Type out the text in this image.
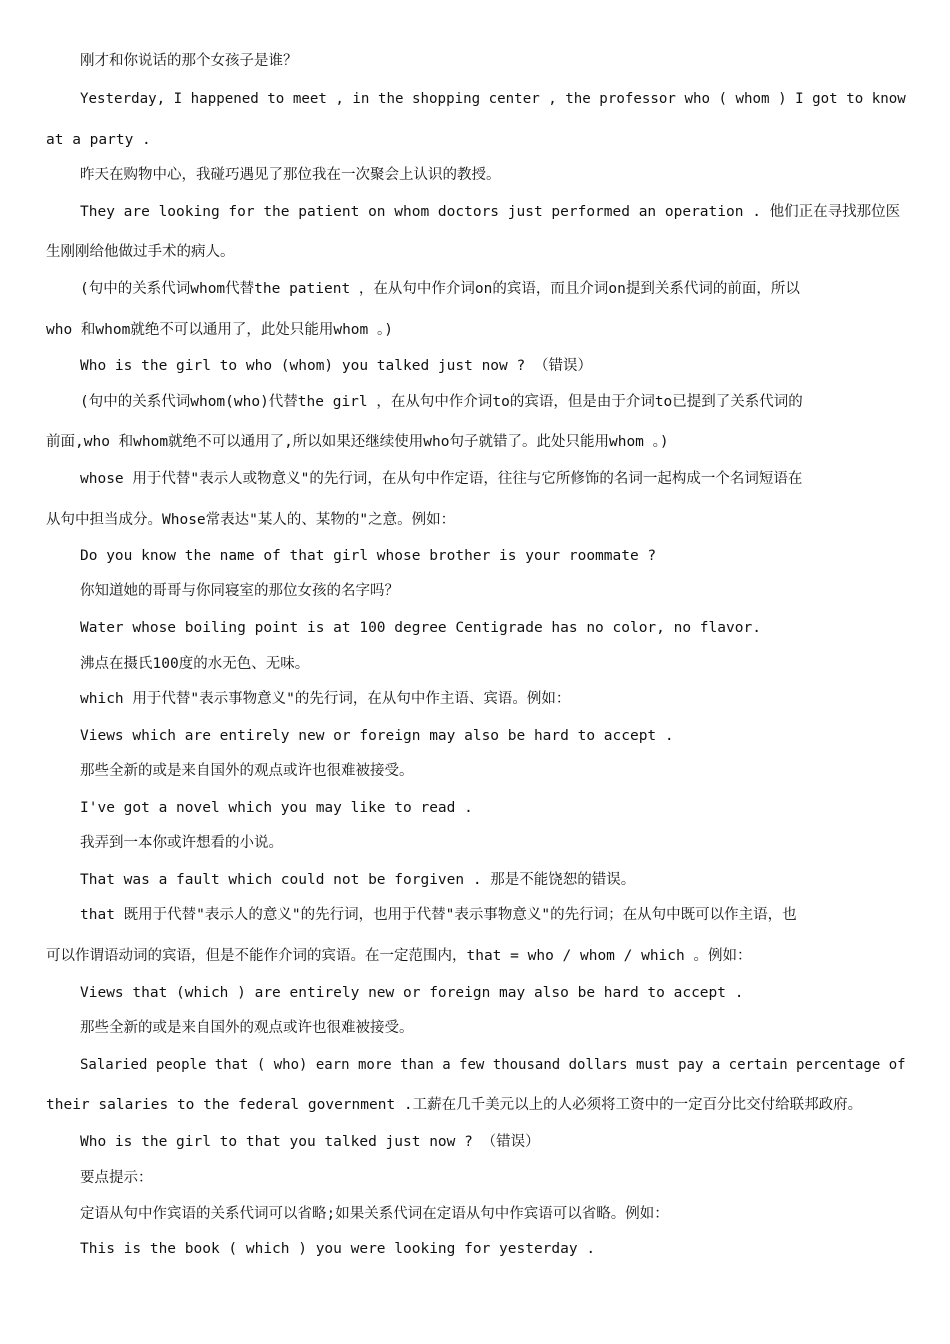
刚才和你说话的那个女孩子是谁？

Yesterday, I happened to meet , in the shopping center , the professor who ( whom ) I got to know

at a party .

昨天在购物中心，我碰巧遇见了那位我在一次聚会上认识的教授。

They are looking for the patient on whom doctors just performed an operation . 他们正在寻找那位医

生刚刚给他做过手术的病人。

(句中的关系代词whom代替the patient ，在从句中作介词on的宾语，而且介词on提到关系代词的前面，所以

who 和whom就绝不可以通用了，此处只能用whom 。)

Who is the girl to who (whom) you talked just now ? （错误）

(句中的关系代词whom(who)代替the girl ，在从句中作介词to的宾语，但是由于介词to已提到了关系代词的

前面,who 和whom就绝不可以通用了,所以如果还继续使用who句子就错了。此处只能用whom 。)

whose 用于代替"表示人或物意义"的先行词，在从句中作定语，往往与它所修饰的名词一起构成一个名词短语在

从句中担当成分。Whose常表达"某人的、某物的"之意。例如：

Do you know the name of that girl whose brother is your roommate ?

你知道她的哥哥与你同寝室的那位女孩的名字吗？

Water whose boiling point is at 100 degree Centigrade has no color, no flavor.

沸点在摄氏100度的水无色、无味。

which 用于代替"表示事物意义"的先行词，在从句中作主语、宾语。例如：

Views which are entirely new or foreign may also be hard to accept .

那些全新的或是来自国外的观点或许也很难被接受。

I've got a novel which you may like to read .

我弄到一本你或许想看的小说。

That was a fault which could not be forgiven . 那是不能饶恕的错误。

that 既用于代替"表示人的意义"的先行词，也用于代替"表示事物意义"的先行词；在从句中既可以作主语，也

可以作谓语动词的宾语，但是不能作介词的宾语。在一定范围内，that = who / whom / which 。例如：

Views that (which ) are entirely new or foreign may also be hard to accept .

那些全新的或是来自国外的观点或许也很难被接受。

Salaried people that ( who) earn more than a few thousand dollars must pay a certain percentage of

their salaries to the federal government .工薪在几千美元以上的人必须将工资中的一定百分比交付给联邦政府。

Who is the girl to that you talked just now ? （错误）

要点提示：

定语从句中作宾语的关系代词可以省略;如果关系代词在定语从句中作宾语可以省略。例如：

This is the book ( which ) you were looking for yesterday .
